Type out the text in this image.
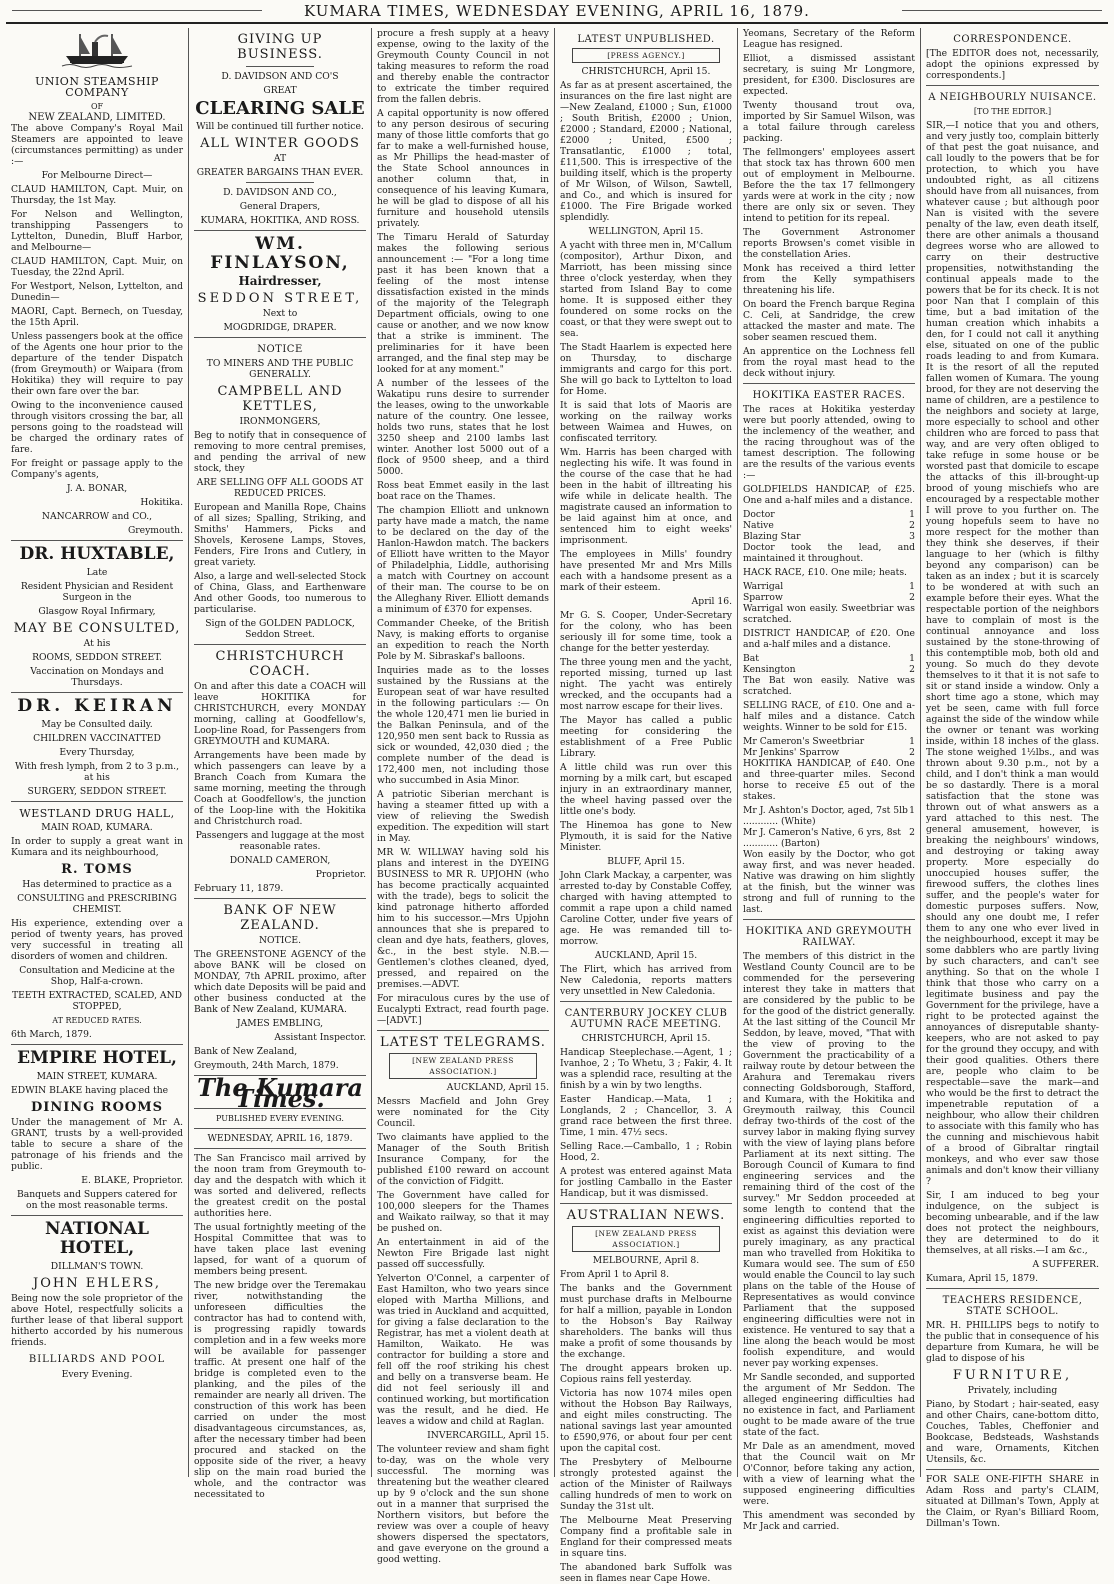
KUMARA TIMES, WEDNESDAY EVENING, APRIL 16, 1879.
UNION STEAMSHIP COMPANY
OF
NEW ZEALAND, LIMITED.

The above Company's Royal Mail Steamers are appointed to leave (circumstances permitting) as under :—

For Melbourne Direct—

CLAUD HAMILTON, Capt. Muir, on Thursday, the 1st May.

For Nelson and Wellington, transhipping Passengers to Lyttelton, Dunedin, Bluff Harbor, and Melbourne—

CLAUD HAMILTON, Capt. Muir, on Tuesday, the 22nd April.

For Westport, Nelson, Lyttelton, and Dunedin—

MAORI, Capt. Bernech, on Tuesday, the 15th April.

Unless passengers book at the office of the Agents one hour prior to the departure of the tender Dispatch (from Greymouth) or Waipara (from Hokitika) they will require to pay their own fare over the bar.

Owing to the inconvenience caused through visitors crossing the bar, all persons going to the roadstead will be charged the ordinary rates of fare.

For freight or passage apply to the Company's agents,

J. A. BONAR,

Hokitika.

NANCARROW and CO.,

Greymouth.

DR. HUXTABLE,

Late

Resident Physician and Resident Surgeon in the

Glasgow Royal Infirmary,

MAY BE CONSULTED,

At his

ROOMS, SEDDON STREET.

Vaccination on Mondays and Thursdays.

DR. KEIRAN

May be Consulted daily.

CHILDREN VACCINATTED

Every Thursday,

With fresh lymph, from 2 to 3 p.m., at his

SURGERY, SEDDON STREET.

WESTLAND DRUG HALL,

MAIN ROAD, KUMARA.

In order to supply a great want in Kumara and its neighbourhood,

R. TOMS

Has determined to practice as a

CONSULTING and PRESCRIBING CHEMIST.

His experience, extending over a period of twenty years, has proved very successful in treating all disorders of women and children.

Consultation and Medicine at the Shop, Half-a-crown.

TEETH EXTRACTED, SCALED, AND STOPPED,

AT REDUCED RATES.

6th March, 1879.

EMPIRE HOTEL,

MAIN STREET, KUMARA.

EDWIN BLAKE having placed the

DINING ROOMS

Under the management of Mr A. GRANT, trusts by a well-provided table to secure a share of the patronage of his friends and the public.

E. BLAKE, Proprietor.

Banquets and Suppers catered for on the most reasonable terms.

NATIONAL HOTEL,

DILLMAN'S TOWN.

JOHN EHLERS,

Being now the sole proprietor of the above Hotel, respectfully solicits a further lease of that liberal support hitherto accorded by his numerous friends.

BILLIARDS AND POOL

Every Evening.

GIVING UP BUSINESS.

D. DAVIDSON AND CO'S

GREAT

CLEARING SALE

Will be continued till further notice.

ALL WINTER GOODS

AT

GREATER BARGAINS THAN EVER.

D. DAVIDSON AND CO.,

General Drapers,

KUMARA, HOKITIKA, AND ROSS.

WM. FINLAYSON,
Hairdresser,
SEDDON STREET,

Next to

MOGDRIDGE, DRAPER.

NOTICE

TO MINERS AND THE PUBLIC GENERALLY.

CAMPBELL AND KETTLES,

IRONMONGERS,

Beg to notify that in consequence of removing to more central premises, and pending the arrival of new stock, they

ARE SELLING OFF ALL GOODS AT REDUCED PRICES.

European and Manilla Rope, Chains of all sizes; Spalling, Striking, and Smiths' Hammers, Picks and Shovels, Kerosene Lamps, Stoves, Fenders, Fire Irons and Cutlery, in great variety.

Also, a large and well-selected Stock of China, Glass, and Earthenware And other Goods, too numerous to particularise.

Sign of the GOLDEN PADLOCK, Seddon Street.

CHRISTCHURCH COACH.

On and after this date a COACH will leave HOKITIKA for CHRISTCHURCH, every MONDAY morning, calling at Goodfellow's, Loop-line Road, for Passengers from GREYMOUTH and KUMARA.

Arrangements have been made by which passengers can leave by a Branch Coach from Kumara the same morning, meeting the through Coach at Goodfellow's, the junction of the Loop-line with the Hokitika and Christchurch road.

Passengers and luggage at the most reasonable rates.

DONALD CAMERON,

Proprietor.

February 11, 1879.

BANK OF NEW ZEALAND.

NOTICE.

The GREENSTONE AGENCY of the above BANK will be closed on MONDAY, 7th APRIL proximo, after which date Deposits will be paid and other business conducted at the Bank of New Zealand, KUMARA.

JAMES EMBLING,

Assistant Inspector.

Bank of New Zealand,

Greymouth, 24th March, 1879.

The Kumara Times.

PUBLISHED EVERY EVENING.

WEDNESDAY, APRIL 16, 1879.

The San Francisco mail arrived by the noon tram from Greymouth to-day and the despatch with which it was sorted and delivered, reflects the greatest credit on the postal authorities here.

The usual fortnightly meeting of the Hospital Committee that was to have taken place last evening lapsed, for want of a quorum of members being present.

The new bridge over the Teremakau river, notwithstanding the unforeseen difficulties the contractor has had to contend with, is progressing rapidly towards completion and in a few weeks more will be available for passenger traffic. At present one half of the bridge is completed even to the planking, and the piles of the remainder are nearly all driven. The construction of this work has been carried on under the most disadvantageous circumstances, as, after the necessary timber had been procured and stacked on the opposite side of the river, a heavy slip on the main road buried the whole, and the contractor was necessitated to

procure a fresh supply at a heavy expense, owing to the laxity of the Greymouth County Council in not taking measures to reform the road and thereby enable the contractor to extricate the timber required from the fallen debris.

A capital opportunity is now offered to any person desirous of securing many of those little comforts that go far to make a well-furnished house, as Mr Phillips the head-master of the State School announces in another column that, in consequence of his leaving Kumara, he will be glad to dispose of all his furniture and household utensils privately.

The Timaru Herald of Saturday makes the following serious announcement :— "For a long time past it has been known that a feeling of the most intense dissatisfaction existed in the minds of the majority of the Telegraph Department officials, owing to one cause or another, and we now know that a strike is imminent. The preliminaries for it have been arranged, and the final step may be looked for at any moment."

A number of the lessees of the Wakatipu runs desire to surrender the leases, owing to the unworkable nature of the country. One lessee, holds two runs, states that he lost 3250 sheep and 2100 lambs last winter. Another lost 5000 out of a flock of 9500 sheep, and a third 5000.

Ross beat Emmet easily in the last boat race on the Thames.

The champion Elliott and unknown party have made a match, the name to be declared on the day of the Hanlon-Hawdon match. The backers of Elliott have written to the Mayor of Philadelphia, Liddle, authorising a match with Courtney on account of their man. The course to be on the Alleghany River. Elliott demands a minimum of £370 for expenses.

Commander Cheeke, of the British Navy, is making efforts to organise an expedition to reach the North Pole by M. Sibraskaf's balloons.

Inquiries made as to the losses sustained by the Russians at the European seat of war have resulted in the following particulars :— On the whole 120,471 men lie buried in the Balkan Peninsula, and of the 120,950 men sent back to Russia as sick or wounded, 42,030 died ; the complete number of the dead is 172,400 men, not including those who succumbed in Asia Minor.

A patriotic Siberian merchant is having a steamer fitted up with a view of relieving the Swedish expedition. The expedition will start in May.

MR W. WILLWAY having sold his plans and interest in the DYEING BUSINESS to MR R. UPJOHN (who has become practically acquainted with the trade), begs to solicit the kind patronage hitherto afforded him to his successor.—Mrs Upjohn announces that she is prepared to clean and dye hats, feathers, gloves, &c., in the best style. N.B.—Gentlemen's clothes cleaned, dyed, pressed, and repaired on the premises.—ADVT.

For miraculous cures by the use of Eucalypti Extract, read fourth page.—[ADVT.]

LATEST TELEGRAMS.
[NEW ZEALAND PRESS ASSOCIATION.]

AUCKLAND, April 15.

Messrs Macfield and John Grey were nominated for the City Council.

Two claimants have applied to the Manager of the South British Insurance Company, for the published £100 reward on account of the conviction of Fidgitt.

The Government have called for 100,000 sleepers for the Thames and Waikato railway, so that it may be pushed on.

An entertainment in aid of the Newton Fire Brigade last night passed off successfully.

Yelverton O'Connel, a carpenter of East Hamilton, who two years since eloped with Martha Millions, and was tried in Auckland and acquitted, for giving a false declaration to the Registrar, has met a violent death at Hamilton, Waikato. He was contractor for building a store and fell off the roof striking his chest and belly on a transverse beam. He did not feel seriously ill and continued working, but mortification was the result, and he died. He leaves a widow and child at Raglan.

INVERCARGILL, April 15.

The volunteer review and sham fight to-day, was on the whole very successful. The morning was threatening but the weather cleared up by 9 o'clock and the sun shone out in a manner that surprised the Northern visitors, but before the review was over a couple of heavy showers dispersed the spectators, and gave everyone on the ground a good wetting.

LATEST UNPUBLISHED.
[PRESS AGENCY.]

CHRISTCHURCH, April 15.

As far as at present ascertained, the insurances on the fire last night are—New Zealand, £1000 ; Sun, £1000 ; South British, £2000 ; Union, £2000 ; Standard, £2000 ; National, £2000 ; United, £500 ; Transatlantic, £1000 ; total, £11,500. This is irrespective of the building itself, which is the property of Mr Wilson, of Wilson, Sawtell, and Co., and which is insured for £1000. The Fire Brigade worked splendidly.

WELLINGTON, April 15.

A yacht with three men in, M'Callum (compositor), Arthur Dixon, and Marriott, has been missing since three o'clock yesterday, when they started from Island Bay to come home. It is supposed either they foundered on some rocks on the coast, or that they were swept out to sea.

The Stadt Haarlem is expected here on Thursday, to discharge immigrants and cargo for this port. She will go back to Lyttelton to load for Home.

It is said that lots of Maoris are working on the railway works between Waimea and Huwes, on confiscated territory.

Wm. Harris has been charged with neglecting his wife. It was found in the course of the case that he had been in the habit of illtreating his wife while in delicate health. The magistrate caused an information to be laid against him at once, and sentenced him to eight weeks' imprisonment.

The employees in Mills' foundry have presented Mr and Mrs Mills each with a handsome present as a mark of their esteem.

April 16.

Mr G. S. Cooper, Under-Secretary for the colony, who has been seriously ill for some time, took a change for the better yesterday.

The three young men and the yacht, reported missing, turned up last night. The yacht was entirely wrecked, and the occupants had a most narrow escape for their lives.

The Mayor has called a public meeting for considering the establishment of a Free Public Library.

A little child was run over this morning by a milk cart, but escaped injury in an extraordinary manner, the wheel having passed over the little one's body.

The Hinemoa has gone to New Plymouth, it is said for the Native Minister.

BLUFF, April 15.

John Clark Mackay, a carpenter, was arrested to-day by Constable Coffey, charged with having attempted to commit a rape upon a child named Caroline Cotter, under five years of age. He was remanded till to-morrow.

AUCKLAND, April 15.

The Flirt, which has arrived from New Caledonia, reports matters very unsettled in New Caledonia.

CANTERBURY JOCKEY CLUB AUTUMN RACE MEETING.

CHRISTCHURCH, April 15.

Handicap Steeplechase.—Agent, 1 ; Ivanhoe, 2 ; To Whetu, 3 ; Fakir, 4. It was a splendid race, resulting at the finish by a win by two lengths.

Easter Handicap.—Mata, 1 ; Longlands, 2 ; Chancellor, 3. A grand race between the first three. Time, 1 min. 47½ secs.

Selling Race.—Camballo, 1 ; Robin Hood, 2.

A protest was entered against Mata for jostling Camballo in the Easter Handicap, but it was dismissed.

AUSTRALIAN NEWS.
[NEW ZEALAND PRESS ASSOCIATION.]

MELBOURNE, April 8.

From April 1 to April 8.

The banks and the Government must purchase drafts in Melbourne for half a million, payable in London to the Hobson's Bay Railway shareholders. The banks will thus make a profit of some thousands by the exchange.

The drought appears broken up. Copious rains fell yesterday.

Victoria has now 1074 miles open without the Hobson Bay Railways, and eight miles constructing. The national savings last year amounted to £590,976, or about four per cent upon the capital cost.

The Presbytery of Melbourne strongly protested against the action of the Minister of Railways calling hundreds of men to work on Sunday the 31st ult.

The Melbourne Meat Preserving Company find a profitable sale in England for their compressed meats in square tins.

The abandoned bark Suffolk was seen in flames near Cape Howe.

Yeomans, Secretary of the Reform League has resigned.

Elliot, a dismissed assistant secretary, is suing Mr Longmore, president, for £300. Disclosures are expected.

Twenty thousand trout ova, imported by Sir Samuel Wilson, was a total failure through careless packing.

The fellmongers' employees assert that stock tax has thrown 600 men out of employment in Melbourne. Before the the tax 17 fellmongery yards were at work in the city ; now there are only six or seven. They intend to petition for its repeal.

The Government Astronomer reports Browsen's comet visible in the constellation Aries.

Monk has received a third letter from the Kelly sympathisers threatening his life.

On board the French barque Regina C. Celi, at Sandridge, the crew attacked the master and mate. The sober seamen rescued them.

An apprentice on the Lochness fell from the royal mast head to the deck without injury.

HOKITIKA EASTER RACES.

The races at Hokitika yesterday were but poorly attended, owing to the inclemency of the weather, and the racing throughout was of the tamest description. The following are the results of the various events :—

GOLDFIELDS HANDICAP, of £25. One and a-half miles and a distance.

Doctor	1
Native	2
Blazing Star	3

Doctor took the lead, and maintained it throughout.

HACK RACE, £10. One mile; heats.

Warrigal	1
Sparrow	2

Warrigal won easily. Sweetbriar was scratched.

DISTRICT HANDICAP, of £20. One and a-half miles and a distance.

Bat	1
Kensington	2

The Bat won easily. Native was scratched.

SELLING RACE, of £10. One and a-half miles and a distance. Catch weights. Winner to be sold for £15.

Mr Cameron's Sweetbriar	1
Mr Jenkins' Sparrow	2

HOKITIKA HANDICAP, of £40. One and three-quarter miles. Second horse to receive £5 out of the stakes.

Mr J. Ashton's Doctor, aged, 7st 5lb ............ (White)
1
Mr J. Cameron's Native, 6 yrs, 8st ............ (Barton)
2

Won easily by the Doctor, who got away first, and was never headed. Native was drawing on him slightly at the finish, but the winner was strong and full of running to the last.

HOKITIKA AND GREYMOUTH RAILWAY.

The members of this district in the Westland County Council are to be commended for the persevering interest they take in matters that are considered by the public to be for the good of the district generally. At the last sitting of the Council Mr Seddon, by leave, moved, "That with the view of proving to the Government the practicability of a railway route by detour between the Arahura and Teremakau rivers connecting Goldsborough, Stafford, and Kumara, with the Hokitika and Greymouth railway, this Council defray two-thirds of the cost of the survey labor in making flying survey with the view of laying plans before Parliament at its next sitting. The Borough Council of Kumara to find engineering services and the remaining third of the cost of the survey." Mr Seddon proceeded at some length to contend that the engineering difficulties reported to exist as against this deviation were purely imaginary, as any practical man who travelled from Hokitika to Kumara would see. The sum of £50 would enable the Council to lay such plans on the table of the House of Representatives as would convince Parliament that the supposed engineering difficulties were not in existence. He ventured to say that a line along the beach would be most foolish expenditure, and would never pay working expenses.

Mr Sandle seconded, and supported the argument of Mr Seddon. The alleged engineering difficulties had no existence in fact, and Parliament ought to be made aware of the true state of the fact.

Mr Dale as an amendment, moved that the Council wait on Mr O'Connor, before taking any action, with a view of learning what the supposed engineering difficulties were.

This amendment was seconded by Mr Jack and carried.

CORRESPONDENCE.

[The EDITOR does not, necessarily, adopt the opinions expressed by correspondents.]

A NEIGHBOURLY NUISANCE.

[TO THE EDITOR.]

SIR,—I notice that you and others, and very justly too, complain bitterly of that pest the goat nuisance, and call loudly to the powers that be for protection, to which you have undoubted right, as all citizens should have from all nuisances, from whatever cause ; but although poor Nan is visited with the severe penalty of the law, even death itself, there are other animals a thousand degrees worse who are allowed to carry on their destructive propensities, notwithstanding the continual appeals made to the powers that be for its check. It is not poor Nan that I complain of this time, but a bad imitation of the human creation which inhabits a den, for I could not call it anything else, situated on one of the public roads leading to and from Kumara. It is the resort of all the reputed fallen women of Kumara. The young brood, for they are not deserving the name of children, are a pestilence to the neighbors and society at large, more especially to school and other children who are forced to pass that way, and are very often obliged to take refuge in some house or be worsted past that domicile to escape the attacks of this ill-brought-up brood of young mischiefs who are encouraged by a respectable mother I will prove to you further on. The young hopefuls seem to have no more respect for the mother than they think she deserves, if their language to her (which is filthy beyond any comparison) can be taken as an index ; but it is scarcely to be wondered at with such an example before their eyes. What the respectable portion of the neighbors have to complain of most is the continual annoyance and loss sustained by the stone-throwing of this contemptible mob, both old and young. So much do they devote themselves to it that it is not safe to sit or stand inside a window. Only a short time ago a stone, which may yet be seen, came with full force against the side of the window while the owner or tenant was working inside, within 18 inches of the glass. The stone weighed 1½lbs., and was thrown about 9.30 p.m., not by a child, and I don't think a man would be so dastardly. There is a moral satisfaction that the stone was thrown out of what answers as a yard attached to this nest. The general amusement, however, is breaking the neighbours' windows, and destroying or taking away property. More especially do unoccupied houses suffer, the firewood suffers, the clothes lines suffer, and the people's water for domestic purposes suffers. Now, should any one doubt me, I refer them to any one who ever lived in the neighbourhood, except it may be some dabblers who are partly living by such characters, and can't see anything. So that on the whole I think that those who carry on a legitimate business and pay the Government for the privilege, have a right to be protected against the annoyances of disreputable shanty-keepers, who are not asked to pay for the ground they occupy, and with their good qualities. Others there are, people who claim to be respectable—save the mark—and who would be the first to detract the impenetrable reputation of a neighbour, who allow their children to associate with this family who has the cunning and mischievous habit of a brood of Gibraltar ringtail monkeys, and who ever saw those animals and don't know their villiany ?

Sir, I am induced to beg your indulgence, on the subject is becoming unbearable, and if the law does not protect the neighbours, they are determined to do it themselves, at all risks.—I am &c.,

A SUFFERER.

Kumara, April 15, 1879.

TEACHERS RESIDENCE, STATE SCHOOL.

MR. H. PHILLIPS begs to notify to the public that in consequence of his departure from Kumara, he will be glad to dispose of his

FURNITURE,

Privately, including

Piano, by Stodart ; hair-seated, easy and other Chairs, cane-bottom ditto, Couches, Tables, Cheffonier and Bookcase, Bedsteads, Washstands and ware, Ornaments, Kitchen Utensils, &c.

FOR SALE ONE-FIFTH SHARE in Adam Ross and party's CLAIM, situated at Dillman's Town, Apply at the Claim, or Ryan's Billiard Room, Dillman's Town.
